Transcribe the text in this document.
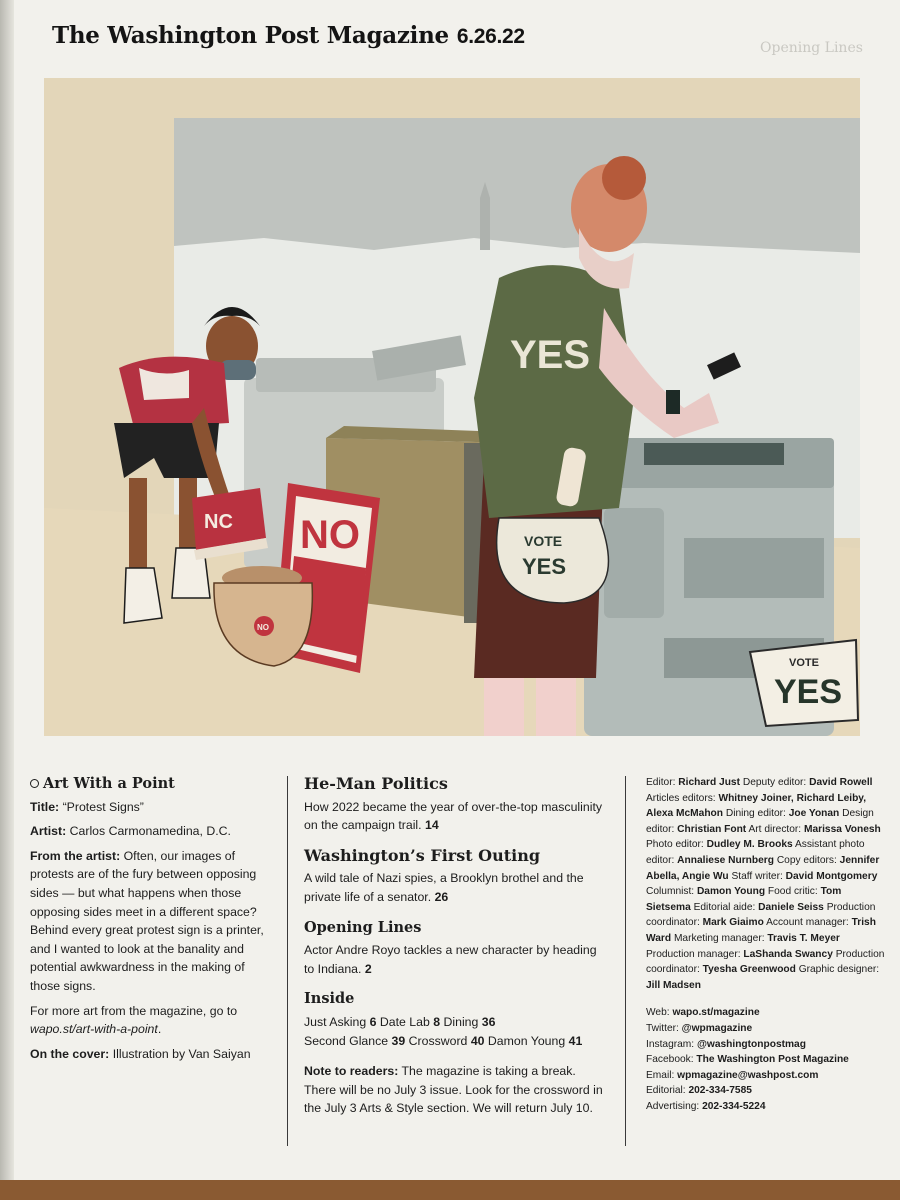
The Washington Post Magazine 6.26.22	Opening Lines
VOTE
YES
YES
VOTE
YES
NC NO
NO
Art With a Point

Title: “Protest Signs”

Artist: Carlos Carmonamedina, D.C.

From the artist: Often, our images of protests are of the fury between opposing sides — but what happens when those opposing sides meet in a different space? Behind every great protest sign is a printer, and I wanted to look at the banality and potential awkwardness in the making of those signs.

For more art from the magazine, go to wapo.st/art-with-a-point.

On the cover: Illustration by Van Saiyan

He-Man Politics
How 2022 became the year of over-the-top masculinity on the campaign trail. 14
Washington’s First Outing
A wild tale of Nazi spies, a Brooklyn brothel and the private life of a senator. 26
Opening Lines
Actor Andre Royo tackles a new character by heading to Indiana. 2
Inside
Just Asking 6 Date Lab 8 Dining 36
Second Glance 39 Crossword 40 Damon Young 41
Note to readers: The magazine is taking a break. There will be no July 3 issue. Look for the crossword in the July 3 Arts & Style section. We will return July 10.
Editor: Richard Just Deputy editor: David Rowell Articles editors: Whitney Joiner, Richard Leiby, Alexa McMahon Dining editor: Joe Yonan Design editor: Christian Font Art director: Marissa Vonesh Photo editor: Dudley M. Brooks Assistant photo editor: Annaliese Nurnberg Copy editors: Jennifer Abella, Angie Wu Staff writer: David Montgomery Columnist: Damon Young Food critic: Tom Sietsema Editorial aide: Daniele Seiss Production coordinator: Mark Giaimo Account manager: Trish Ward Marketing manager: Travis T. Meyer Production manager: LaShanda Swancy Production coordinator: Tyesha Greenwood Graphic designer: Jill Madsen
Web: wapo.st/magazine
Twitter: @wpmagazine
Instagram: @washingtonpostmag
Facebook: The Washington Post Magazine
Email: wpmagazine@washpost.com
Editorial: 202-334-7585
Advertising: 202-334-5224
